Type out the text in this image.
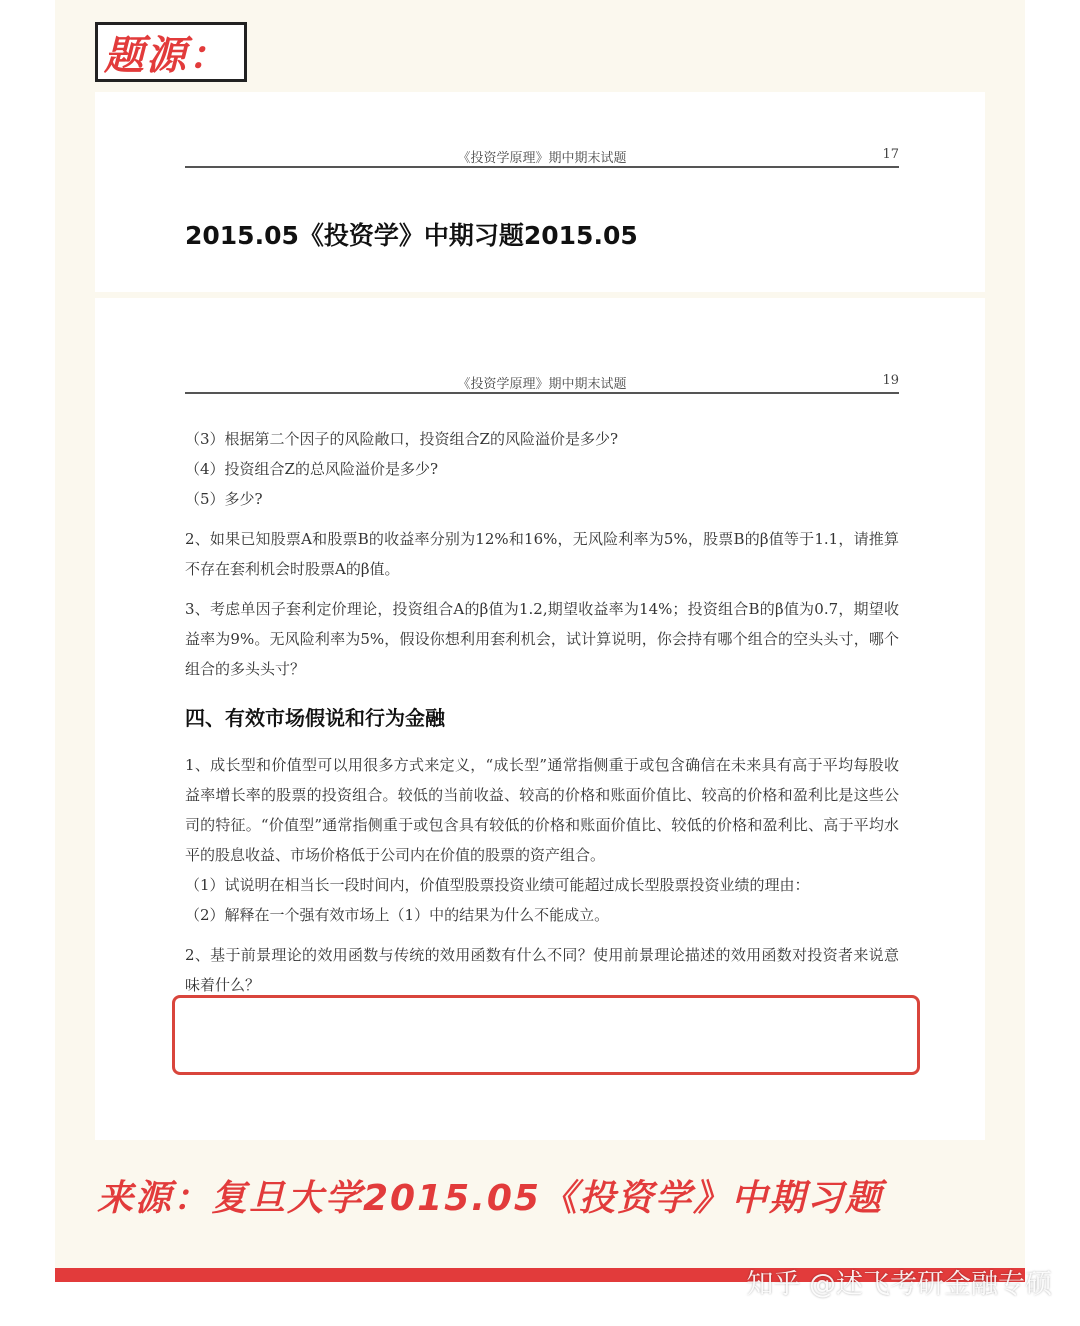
题源：
《投资学原理》期中期末试题	17
2015.05《投资学》中期习题2015.05
《投资学原理》期中期末试题	19

（3）根据第二个因子的风险敞口，投资组合Z的风险溢价是多少?

（4）投资组合Z的总风险溢价是多少?

（5）多少?

2、如果已知股票A和股票B的收益率分别为12%和16%，无风险利率为5%，股票B的β值等于1.1，请推算不存在套利机会时股票A的β值。

3、考虑单因子套利定价理论，投资组合A的β值为1.2,期望收益率为14%；投资组合B的β值为0.7，期望收益率为9%。无风险利率为5%，假设你想利用套利机会，试计算说明，你会持有哪个组合的空头头寸，哪个组合的多头头寸？

四、有效市场假说和行为金融

1、成长型和价值型可以用很多方式来定义，“成长型”通常指侧重于或包含确信在未来具有高于平均每股收益率增长率的股票的投资组合。较低的当前收益、较高的价格和账面价值比、较高的价格和盈利比是这些公司的特征。“价值型”通常指侧重于或包含具有较低的价格和账面价值比、较低的价格和盈利比、高于平均水平的股息收益、市场价格低于公司内在价值的股票的资产组合。

（1）试说明在相当长一段时间内，价值型股票投资业绩可能超过成长型股票投资业绩的理由：

（2）解释在一个强有效市场上（1）中的结果为什么不能成立。

2、基于前景理论的效用函数与传统的效用函数有什么不同？使用前景理论描述的效用函数对投资者来说意味着什么？

来源：复旦大学2015.05《投资学》中期习题
知乎 @述飞考研金融专硕
